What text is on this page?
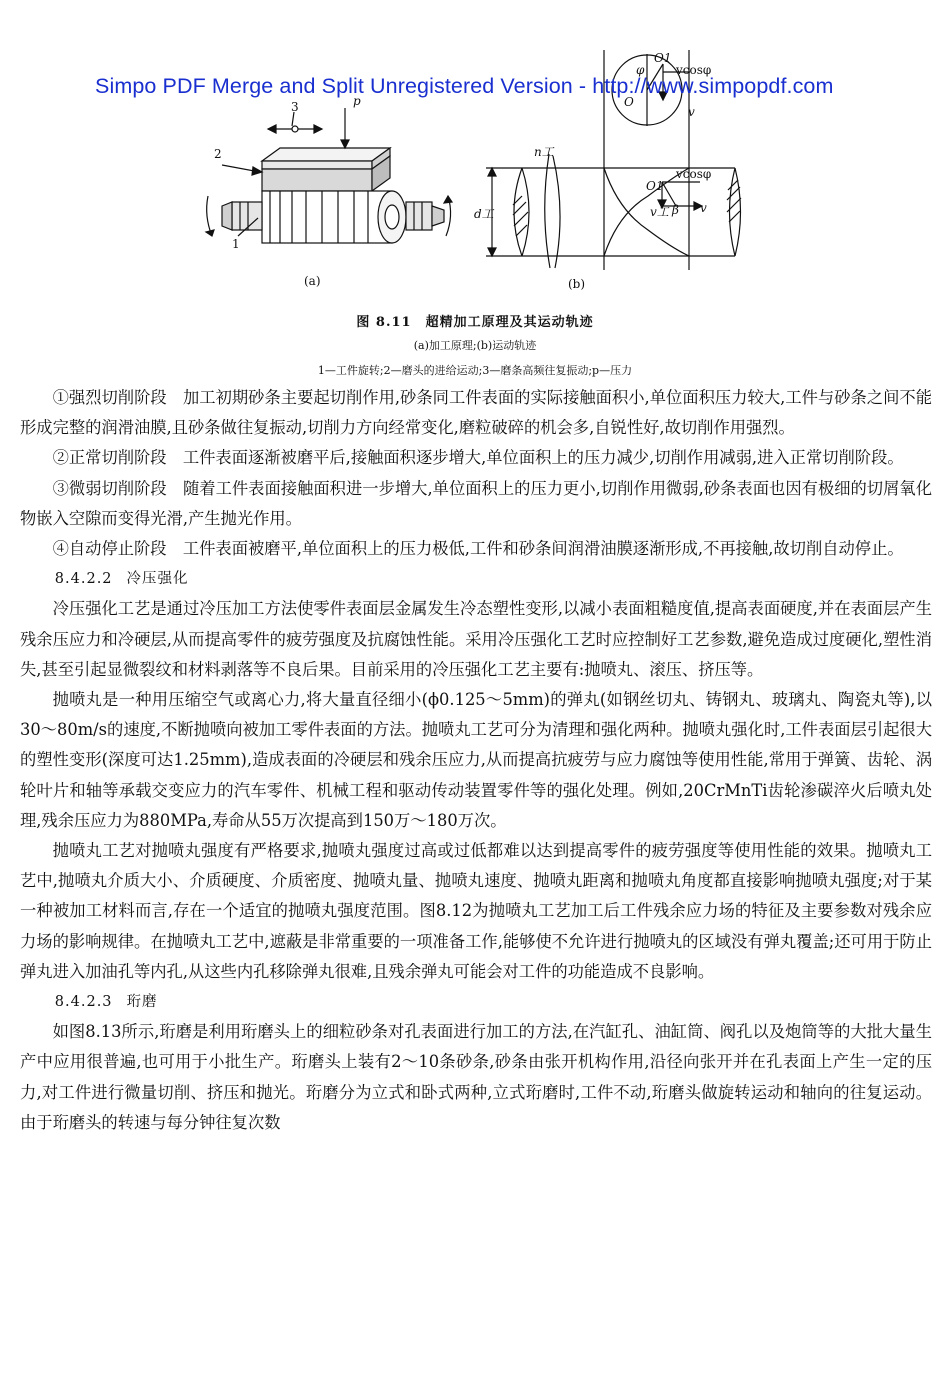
3	p
2
1
(a)
O1
φ
O
vcosφ
v
n工
d工
O1
vcosφ
v工 β v
(b)
Simpo PDF Merge and Split Unregistered Version - http://www.simpopdf.com
图 8.11　超精加工原理及其运动轨迹
(a)加工原理;(b)运动轨迹
1—工件旋转;2—磨头的进给运动;3—磨条高频往复振动;p—压力

①强烈切削阶段　加工初期砂条主要起切削作用,砂条同工件表面的实际接触面积小,单位面积压力较大,工件与砂条之间不能形成完整的润滑油膜,且砂条做往复振动,切削力方向经常变化,磨粒破碎的机会多,自锐性好,故切削作用强烈。

②正常切削阶段　工件表面逐渐被磨平后,接触面积逐步增大,单位面积上的压力减少,切削作用减弱,进入正常切削阶段。

③微弱切削阶段　随着工件表面接触面积进一步增大,单位面积上的压力更小,切削作用微弱,砂条表面也因有极细的切屑氧化物嵌入空隙而变得光滑,产生抛光作用。

④自动停止阶段　工件表面被磨平,单位面积上的压力极低,工件和砂条间润滑油膜逐渐形成,不再接触,故切削自动停止。

8.4.2.2 冷压强化

冷压强化工艺是通过冷压加工方法使零件表面层金属发生冷态塑性变形,以减小表面粗糙度值,提高表面硬度,并在表面层产生残余压应力和冷硬层,从而提高零件的疲劳强度及抗腐蚀性能。采用冷压强化工艺时应控制好工艺参数,避免造成过度硬化,塑性消失,甚至引起显微裂纹和材料剥落等不良后果。目前采用的冷压强化工艺主要有:抛喷丸、滚压、挤压等。

抛喷丸是一种用压缩空气或离心力,将大量直径细小(ϕ0.125～5mm)的弹丸(如钢丝切丸、铸钢丸、玻璃丸、陶瓷丸等),以30～80m/s的速度,不断抛喷向被加工零件表面的方法。抛喷丸工艺可分为清理和强化两种。抛喷丸强化时,工件表面层引起很大的塑性变形(深度可达1.25mm),造成表面的冷硬层和残余压应力,从而提高抗疲劳与应力腐蚀等使用性能,常用于弹簧、齿轮、涡轮叶片和轴等承载交变应力的汽车零件、机械工程和驱动传动装置零件等的强化处理。例如,20CrMnTi齿轮渗碳淬火后喷丸处理,残余压应力为880MPa,寿命从55万次提高到150万～180万次。

抛喷丸工艺对抛喷丸强度有严格要求,抛喷丸强度过高或过低都难以达到提高零件的疲劳强度等使用性能的效果。抛喷丸工艺中,抛喷丸介质大小、介质硬度、介质密度、抛喷丸量、抛喷丸速度、抛喷丸距离和抛喷丸角度都直接影响抛喷丸强度;对于某一种被加工材料而言,存在一个适宜的抛喷丸强度范围。图8.12为抛喷丸工艺加工后工件残余应力场的特征及主要参数对残余应力场的影响规律。在抛喷丸工艺中,遮蔽是非常重要的一项准备工作,能够使不允许进行抛喷丸的区域没有弹丸覆盖;还可用于防止弹丸进入加油孔等内孔,从这些内孔移除弹丸很难,且残余弹丸可能会对工件的功能造成不良影响。

8.4.2.3 珩磨

如图8.13所示,珩磨是利用珩磨头上的细粒砂条对孔表面进行加工的方法,在汽缸孔、油缸筒、阀孔以及炮筒等的大批大量生产中应用很普遍,也可用于小批生产。珩磨头上装有2～10条砂条,砂条由张开机构作用,沿径向张开并在孔表面上产生一定的压力,对工件进行微量切削、挤压和抛光。珩磨分为立式和卧式两种,立式珩磨时,工件不动,珩磨头做旋转运动和轴向的往复运动。由于珩磨头的转速与每分钟往复次数
